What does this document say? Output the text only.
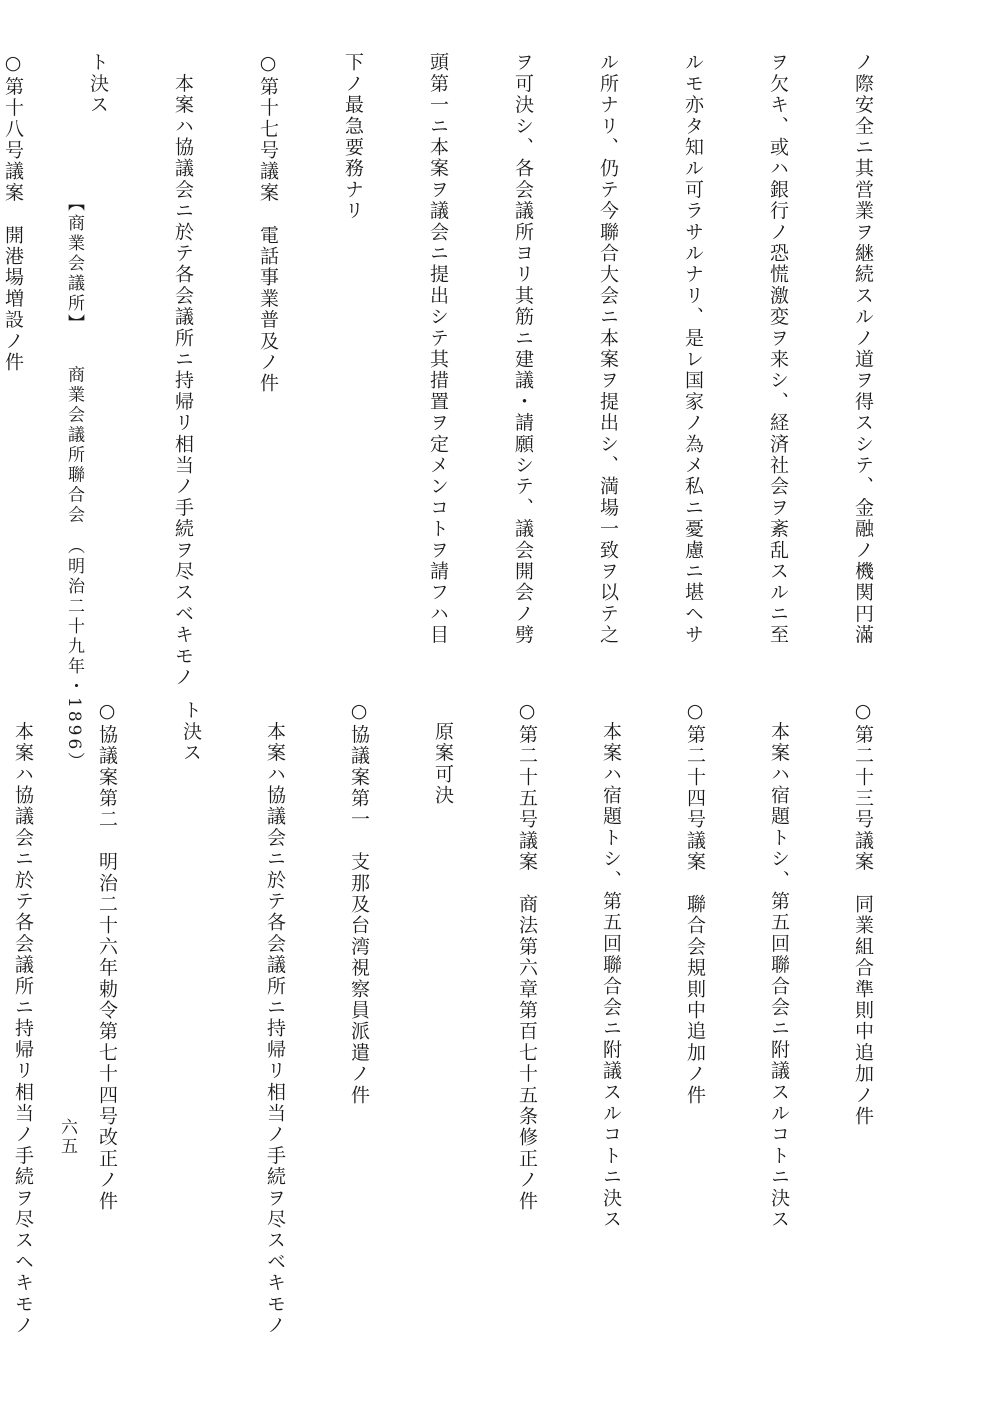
ノ際安全ニ其営業ヲ継続スルノ道ヲ得スシテ、金融ノ機関円滿

ヲ欠キ、或ハ銀行ノ恐慌激変ヲ来シ、経済社会ヲ紊乱スルニ至

ルモ亦タ知ル可ラサルナリ、是レ国家ノ為メ私ニ憂慮ニ堪ヘサ

ル所ナリ、仍テ今聯合大会ニ本案ヲ提出シ、満場一致ヲ以テ之

ヲ可決シ、各会議所ヨリ其筋ニ建議・請願シテ、議会開会ノ劈

頭第一ニ本案ヲ議会ニ提出シテ其措置ヲ定メンコトヲ請フハ目

下ノ最急要務ナリ

○第十七号議案　電話事業普及ノ件

　本案ハ協議会ニ於テ各会議所ニ持帰リ相当ノ手続ヲ尽スベキモノ

ト決ス

○第十八号議案　開港場増設ノ件

○第二十三号議案　同業組合準則中追加ノ件

　本案ハ宿題トシ、第五回聯合会ニ附議スルコトニ決ス

○第二十四号議案　聯合会規則中追加ノ件

　本案ハ宿題トシ、第五回聯合会ニ附議スルコトニ決ス

○第二十五号議案　商法第六章第百七十五条修正ノ件

　原案可決

○協議案第一　支那及台湾視察員派遣ノ件

　本案ハ協議会ニ於テ各会議所ニ持帰リ相当ノ手続ヲ尽スベキモノ

ト決ス

○協議案第二　明治二十六年勅令第七十四号改正ノ件

　本案ハ協議会ニ於テ各会議所ニ持帰リ相当ノ手続ヲ尽スヘキモノ

【商業会議所】　　商業会議所聯合会　（明治二十九年・1896）

六五
